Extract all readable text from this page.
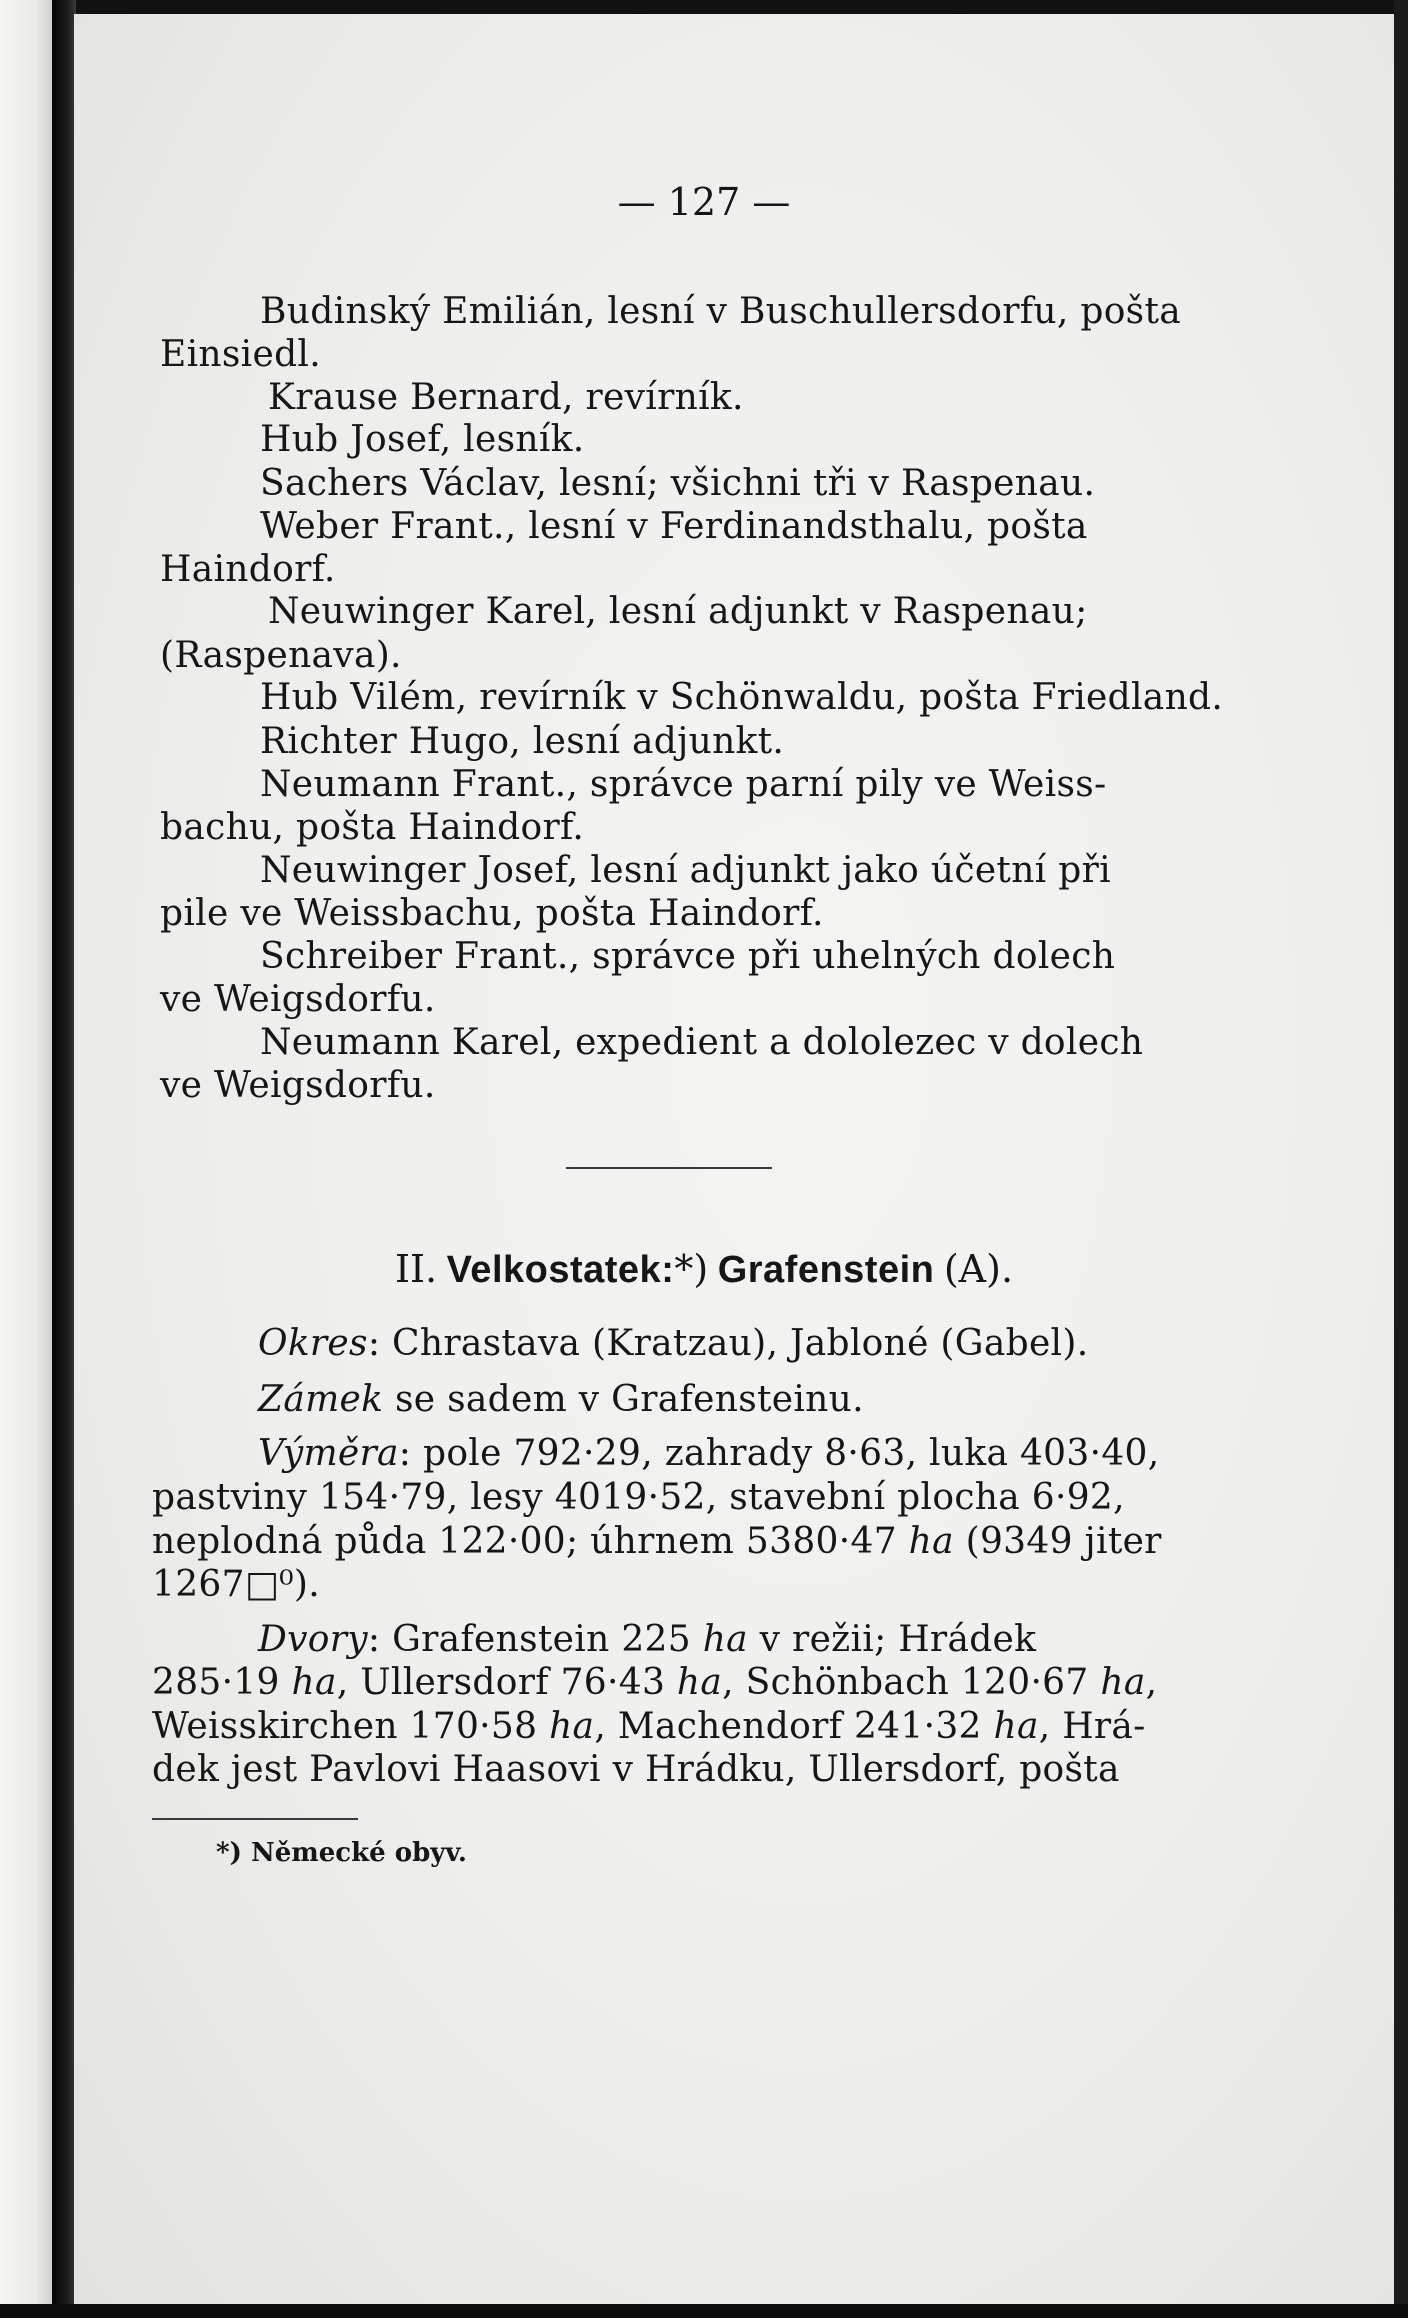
— 127 —
Budinský Emilián, lesní v Buschullersdorfu, pošta
Einsiedl.
Krause Bernard, revírník.
Hub Josef, lesník.
Sachers Václav, lesní; všichni tři v Raspenau.
Weber Frant., lesní v Ferdinandsthalu, pošta
Haindorf.
Neuwinger Karel, lesní adjunkt v Raspenau;
(Raspenava).
Hub Vilém, revírník v Schönwaldu, pošta Friedland.
Richter Hugo, lesní adjunkt.
Neumann Frant., správce parní pily ve Weiss-
bachu, pošta Haindorf.
Neuwinger Josef, lesní adjunkt jako účetní při
pile ve Weissbachu, pošta Haindorf.
Schreiber Frant., správce při uhelných dolech
ve Weigsdorfu.
Neumann Karel, expedient a dololezec v dolech
ve Weigsdorfu.
II. Velkostatek:*) Grafenstein (A).
Okres: Chrastava (Kratzau), Jabloné (Gabel).
Zámek se sadem v Grafensteinu.
Výměra: pole 792·29, zahrady 8·63, luka 403·40,
pastviny 154·79, lesy 4019·52, stavební plocha 6·92,
neplodná půda 122·00; úhrnem 5380·47 ha (9349 jiter
1267□⁰).
Dvory: Grafenstein 225 ha v režii; Hrádek
285·19 ha, Ullersdorf 76·43 ha, Schönbach 120·67 ha,
Weisskirchen 170·58 ha, Machendorf 241·32 ha, Hrá-
dek jest Pavlovi Haasovi v Hrádku, Ullersdorf, pošta
*) Německé obyv.
